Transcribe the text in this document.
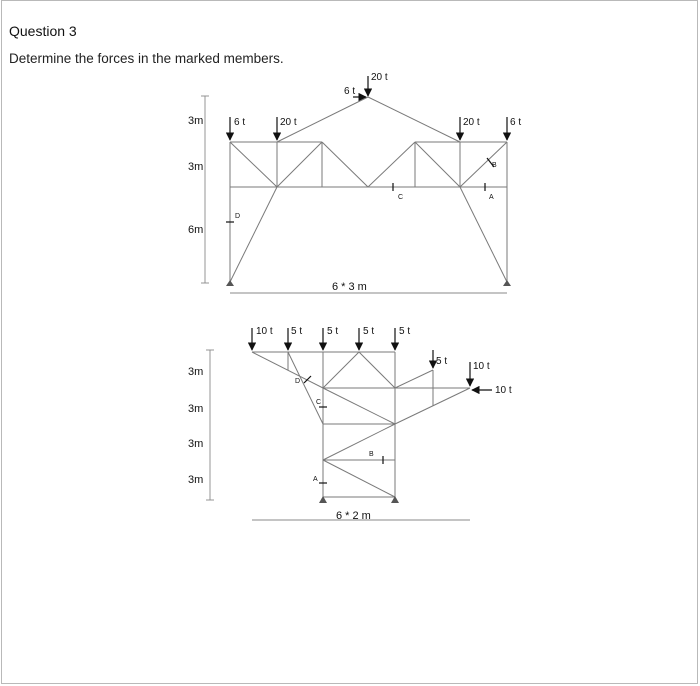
Question 3
Determine the forces in the marked members.
3m
3m
6m
D
C
B
A
20 t
6 t
6 t	20 t	20 t	6 t
6 * 3 m
3m
3m
3m
3m
D
C
B
A
10 t 5 t 5 t 5 t 5 t
5 t	10 t
10 t
6 * 2 m
